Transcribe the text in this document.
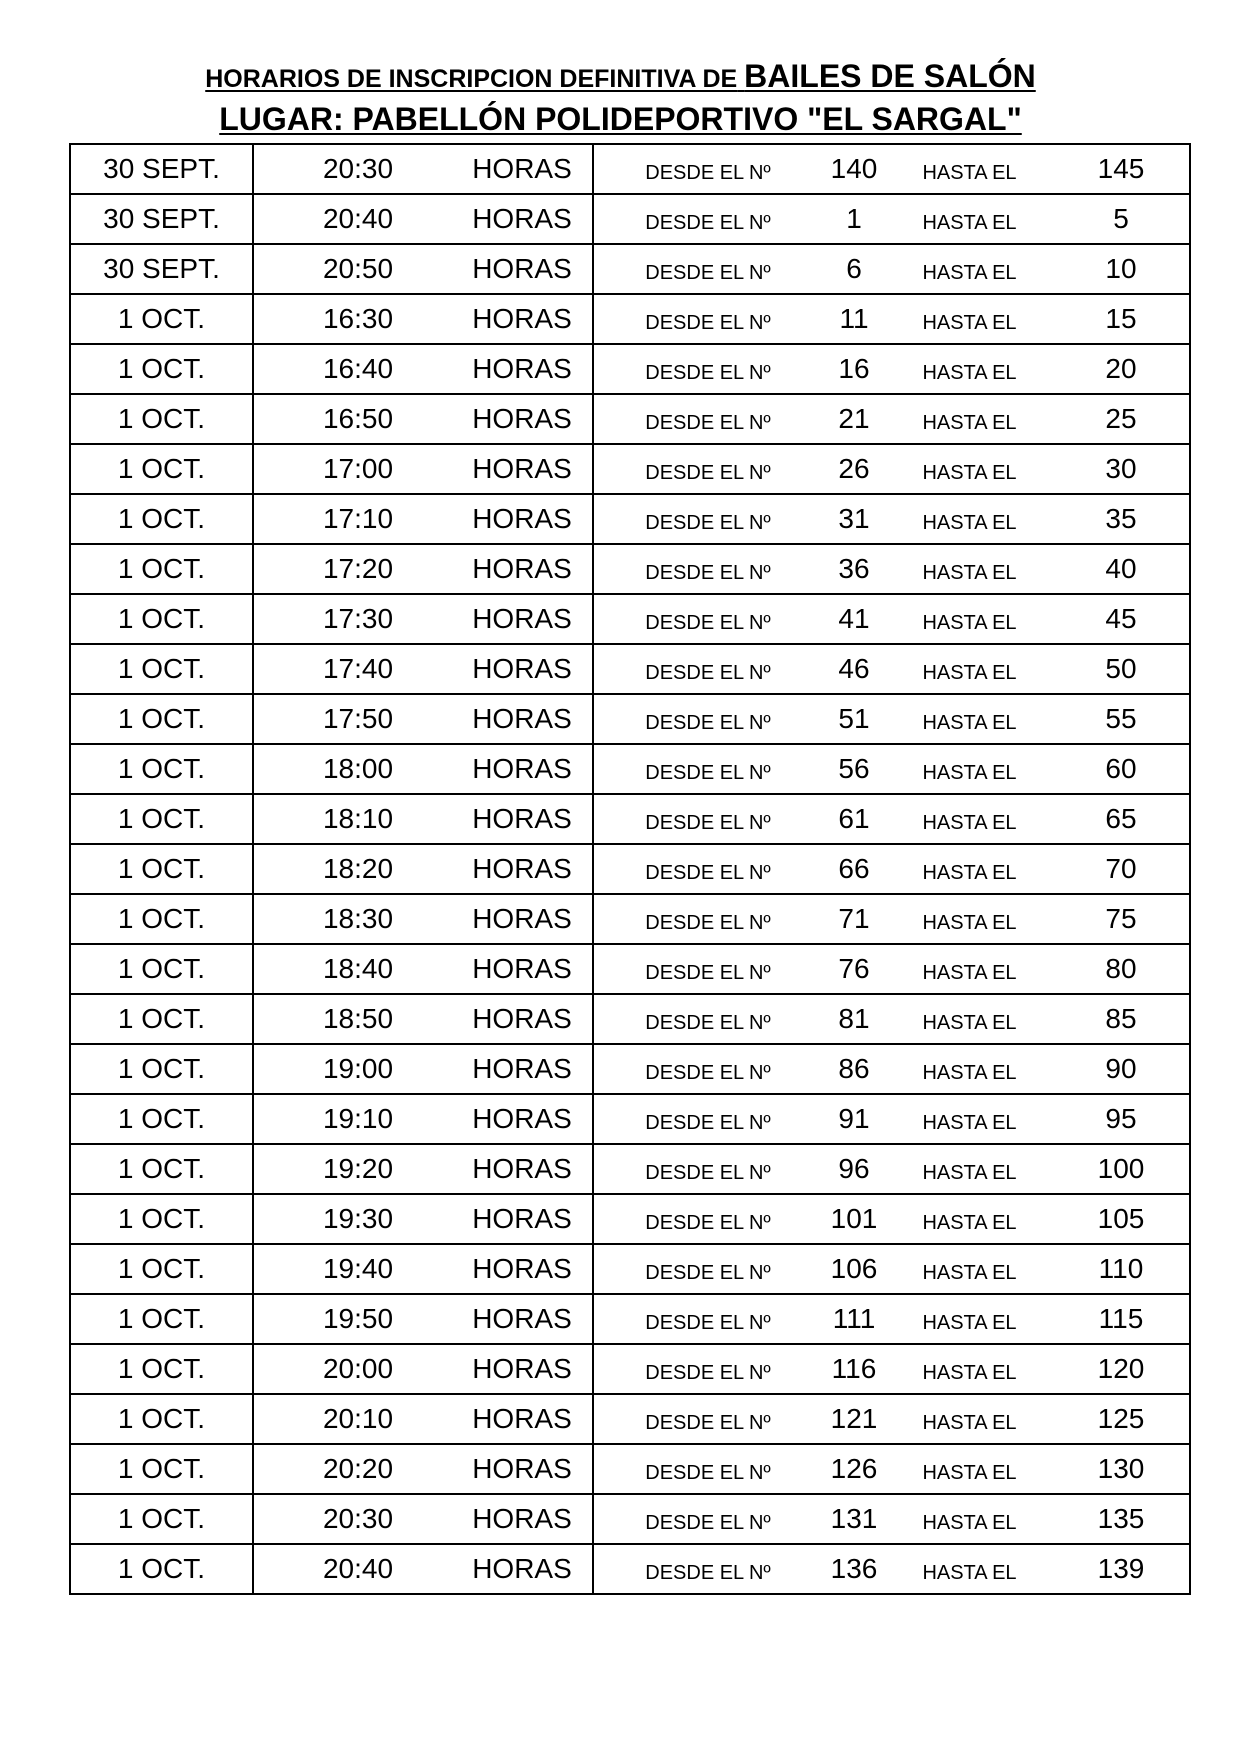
HORARIOS DE INSCRIPCION DEFINITIVA DE BAILES DE SALÓN
LUGAR: PABELLÓN POLIDEPORTIVO "EL SARGAL"
30 SEPT.	20:30	HORAS	DESDE EL Nº	140	HASTA EL	145
30 SEPT.	20:40	HORAS	DESDE EL Nº	1	HASTA EL	5
30 SEPT.	20:50	HORAS	DESDE EL Nº	6	HASTA EL	10
1 OCT.	16:30	HORAS	DESDE EL Nº	11	HASTA EL	15
1 OCT.	16:40	HORAS	DESDE EL Nº	16	HASTA EL	20
1 OCT.	16:50	HORAS	DESDE EL Nº	21	HASTA EL	25
1 OCT.	17:00	HORAS	DESDE EL Nº	26	HASTA EL	30
1 OCT.	17:10	HORAS	DESDE EL Nº	31	HASTA EL	35
1 OCT.	17:20	HORAS	DESDE EL Nº	36	HASTA EL	40
1 OCT.	17:30	HORAS	DESDE EL Nº	41	HASTA EL	45
1 OCT.	17:40	HORAS	DESDE EL Nº	46	HASTA EL	50
1 OCT.	17:50	HORAS	DESDE EL Nº	51	HASTA EL	55
1 OCT.	18:00	HORAS	DESDE EL Nº	56	HASTA EL	60
1 OCT.	18:10	HORAS	DESDE EL Nº	61	HASTA EL	65
1 OCT.	18:20	HORAS	DESDE EL Nº	66	HASTA EL	70
1 OCT.	18:30	HORAS	DESDE EL Nº	71	HASTA EL	75
1 OCT.	18:40	HORAS	DESDE EL Nº	76	HASTA EL	80
1 OCT.	18:50	HORAS	DESDE EL Nº	81	HASTA EL	85
1 OCT.	19:00	HORAS	DESDE EL Nº	86	HASTA EL	90
1 OCT.	19:10	HORAS	DESDE EL Nº	91	HASTA EL	95
1 OCT.	19:20	HORAS	DESDE EL Nº	96	HASTA EL	100
1 OCT.	19:30	HORAS	DESDE EL Nº	101	HASTA EL	105
1 OCT.	19:40	HORAS	DESDE EL Nº	106	HASTA EL	110
1 OCT.	19:50	HORAS	DESDE EL Nº	111	HASTA EL	115
1 OCT.	20:00	HORAS	DESDE EL Nº	116	HASTA EL	120
1 OCT.	20:10	HORAS	DESDE EL Nº	121	HASTA EL	125
1 OCT.	20:20	HORAS	DESDE EL Nº	126	HASTA EL	130
1 OCT.	20:30	HORAS	DESDE EL Nº	131	HASTA EL	135
1 OCT.	20:40	HORAS	DESDE EL Nº	136	HASTA EL	139
